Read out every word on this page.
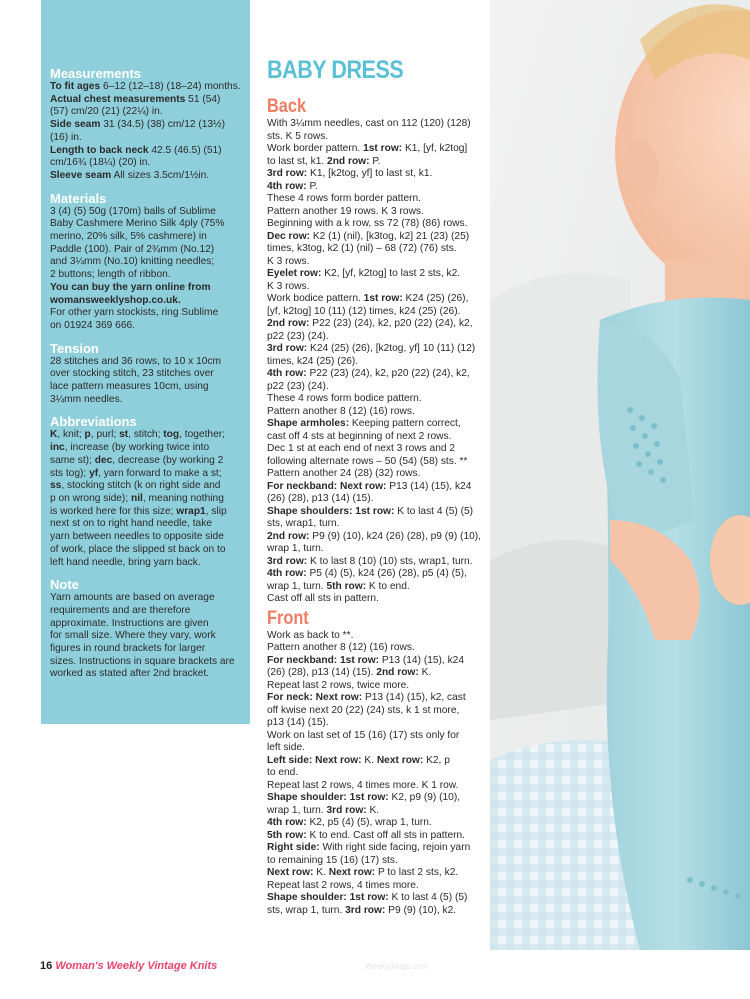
Measurements
To fit ages 6–12 (12–18) (18–24) months.
Actual chest measurements 51 (54)
(57) cm/20 (21) (22¼) in.
Side seam 31 (34.5) (38) cm/12 (13½)
(16) in.
Length to back neck 42.5 (46.5) (51)
cm/16¾ (18¼) (20) in.
Sleeve seam All sizes 3.5cm/1½in.
Materials
3 (4) (5) 50g (170m) balls of Sublime
Baby Cashmere Merino Silk 4ply (75%
merino, 20% silk, 5% cashmere) in
Paddle (100). Pair of 2¾mm (No.12)
and 3¼mm (No.10) knitting needles;
2 buttons; length of ribbon.
You can buy the yarn online from
womansweeklyshop.co.uk.
For other yarn stockists, ring Sublime
on 01924 369 666.
Tension
28 stitches and 36 rows, to 10 x 10cm
over stocking stitch, 23 stitches over
lace pattern measures 10cm, using
3¼mm needles.
Abbreviations
K, knit; p, purl; st, stitch; tog, together;
inc, increase (by working twice into
same st); dec, decrease (by working 2
sts tog); yf, yarn forward to make a st;
ss, stocking stitch (k on right side and
p on wrong side); nil, meaning nothing
is worked here for this size; wrap1, slip
next st on to right hand needle, take
yarn between needles to opposite side
of work, place the slipped st back on to
left hand needle, bring yarn back.
Note
Yarn amounts are based on average
requirements and are therefore
approximate. Instructions are given
for small size. Where they vary, work
figures in round brackets for larger
sizes. Instructions in square brackets are
worked as stated after 2nd bracket.
BABY DRESS
Back
With 3¼mm needles, cast on 112 (120) (128)
sts. K 5 rows.
Work border pattern. 1st row: K1, [yf, k2tog]
to last st, k1. 2nd row: P.
3rd row: K1, [k2tog, yf] to last st, k1.
4th row: P.
These 4 rows form border pattern.
Pattern another 19 rows. K 3 rows.
Beginning with a k row, ss 72 (78) (86) rows.
Dec row: K2 (1) (nil), [k3tog, k2] 21 (23) (25)
times, k3tog, k2 (1) (nil) – 68 (72) (76) sts.
K 3 rows.
Eyelet row: K2, [yf, k2tog] to last 2 sts, k2.
K 3 rows.
Work bodice pattern. 1st row: K24 (25) (26),
[yf, k2tog] 10 (11) (12) times, k24 (25) (26).
2nd row: P22 (23) (24), k2, p20 (22) (24), k2,
p22 (23) (24).
3rd row: K24 (25) (26), [k2tog, yf] 10 (11) (12)
times, k24 (25) (26).
4th row: P22 (23) (24), k2, p20 (22) (24), k2,
p22 (23) (24).
These 4 rows form bodice pattern.
Pattern another 8 (12) (16) rows.
Shape armholes: Keeping pattern correct,
cast off 4 sts at beginning of next 2 rows.
Dec 1 st at each end of next 3 rows and 2
following alternate rows – 50 (54) (58) sts. **
Pattern another 24 (28) (32) rows.
For neckband: Next row: P13 (14) (15), k24
(26) (28), p13 (14) (15).
Shape shoulders: 1st row: K to last 4 (5) (5)
sts, wrap1, turn.
2nd row: P9 (9) (10), k24 (26) (28), p9 (9) (10),
wrap 1, turn.
3rd row: K to last 8 (10) (10) sts, wrap1, turn.
4th row: P5 (4) (5), k24 (26) (28), p5 (4) (5),
wrap 1, turn. 5th row: K to end.
Cast off all sts in pattern.
Front
Work as back to **.
Pattern another 8 (12) (16) rows.
For neckband: 1st row: P13 (14) (15), k24
(26) (28), p13 (14) (15). 2nd row: K.
Repeat last 2 rows, twice more.
For neck: Next row: P13 (14) (15), k2, cast
off kwise next 20 (22) (24) sts, k 1 st more,
p13 (14) (15).
Work on last set of 15 (16) (17) sts only for
left side.
Left side: Next row: K. Next row: K2, p
to end.
Repeat last 2 rows, 4 times more. K 1 row.
Shape shoulder: 1st row: K2, p9 (9) (10),
wrap 1, turn. 3rd row: K.
4th row: K2, p5 (4) (5), wrap 1, turn.
5th row: K to end. Cast off all sts in pattern.
Right side: With right side facing, rejoin yarn
to remaining 15 (16) (17) sts.
Next row: K. Next row: P to last 2 sts, k2.
Repeat last 2 rows, 4 times more.
Shape shoulder: 1st row: K to last 4 (5) (5)
sts, wrap 1, turn. 3rd row: P9 (9) (10), k2.
16 Woman's Weekly Vintage Knits	WeeklyMags.com
